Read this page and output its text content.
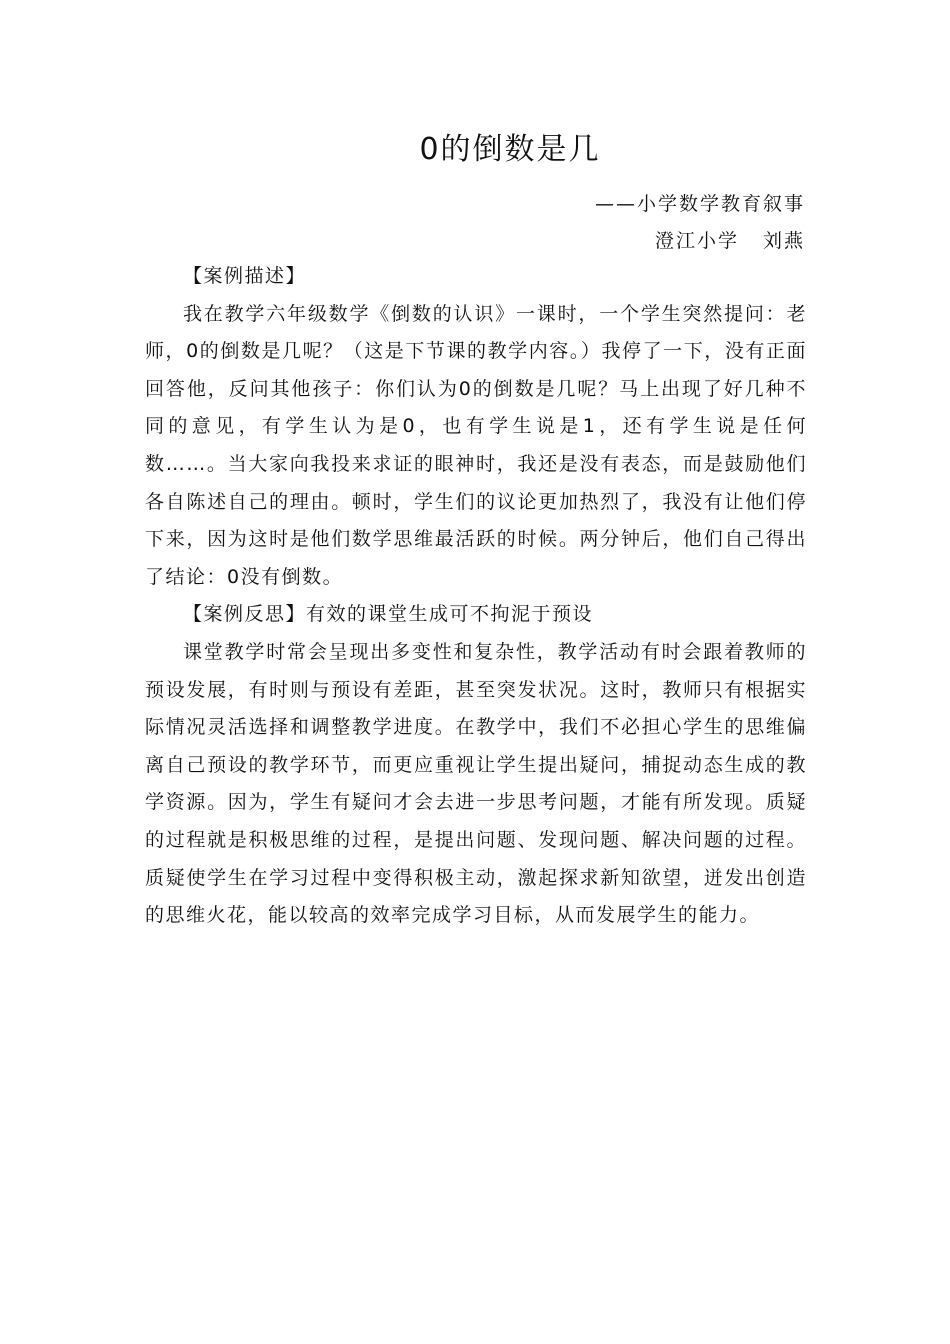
0的倒数是几
——小学数学教育叙事
澄江小学 刘燕

【案例描述】

我在教学六年级数学《倒数的认识》一课时，一个学生突然提问：老师，0的倒数是几呢？（这是下节课的教学内容。）我停了一下，没有正面回答他，反问其他孩子：你们认为0的倒数是几呢？马上出现了好几种不同的意见，有学生认为是0，也有学生说是1，还有学生说是任何数……。当大家向我投来求证的眼神时，我还是没有表态，而是鼓励他们各自陈述自己的理由。顿时，学生们的议论更加热烈了，我没有让他们停下来，因为这时是他们数学思维最活跃的时候。两分钟后，他们自己得出了结论：0没有倒数。

【案例反思】有效的课堂生成可不拘泥于预设

课堂教学时常会呈现出多变性和复杂性，教学活动有时会跟着教师的预设发展，有时则与预设有差距，甚至突发状况。这时，教师只有根据实际情况灵活选择和调整教学进度。在教学中，我们不必担心学生的思维偏离自己预设的教学环节，而更应重视让学生提出疑问，捕捉动态生成的教学资源。因为，学生有疑问才会去进一步思考问题，才能有所发现。质疑的过程就是积极思维的过程，是提出问题、发现问题、解决问题的过程。质疑使学生在学习过程中变得积极主动，激起探求新知欲望，迸发出创造的思维火花，能以较高的效率完成学习目标，从而发展学生的能力。
